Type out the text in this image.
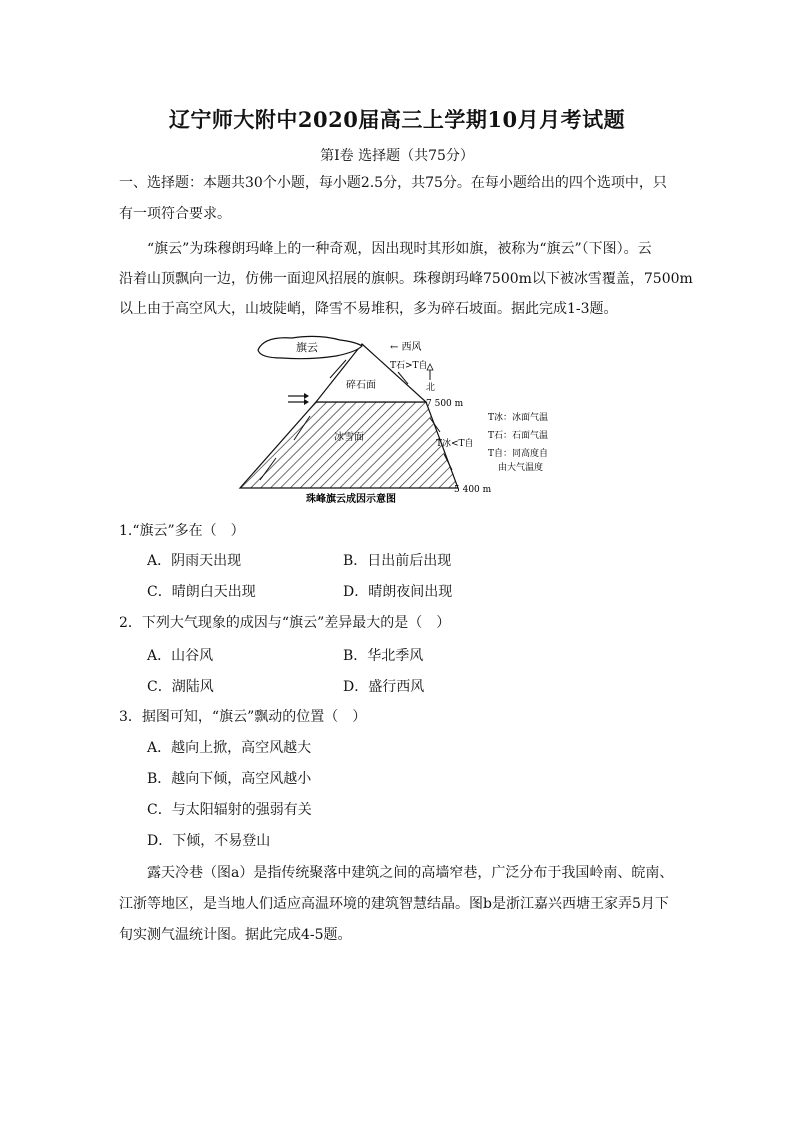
辽宁师大附中2020届高三上学期10月月考试题
第Ⅰ卷 选择题（共75分）
一、选择题：本题共30个小题，每小题2.5分，共75分。在每小题给出的四个选项中，只
有一项符合要求。
“旗云”为珠穆朗玛峰上的一种奇观，因出现时其形如旗，被称为“旗云”（下图）。云
沿着山顶飘向一边，仿佛一面迎风招展的旗帜。珠穆朗玛峰7500m以下被冰雪覆盖，7500m
以上由于高空风大，山坡陡峭，降雪不易堆积，多为碎石坡面。据此完成1-3题。
旗云	← 西风
T石>T自
北
碎石面
7 500 m
冰雪面
T冰<T自
5 400 m
珠峰旗云成因示意图
T冰：冰面气温
T石：石面气温
T自：同高度自
由大气温度
1.“旗云”多在（　）
A．阴雨天出现	B．日出前后出现
C．晴朗白天出现	D．晴朗夜间出现
2．下列大气现象的成因与“旗云”差异最大的是（　）
A．山谷风	B．华北季风
C．湖陆风	D．盛行西风
3．据图可知，“旗云”飘动的位置（　）
A．越向上掀，高空风越大
B．越向下倾，高空风越小
C．与太阳辐射的强弱有关
D．下倾，不易登山
露天冷巷（图a）是指传统聚落中建筑之间的高墙窄巷，广泛分布于我国岭南、皖南、
江浙等地区，是当地人们适应高温环境的建筑智慧结晶。图b是浙江嘉兴西塘王家弄5月下
旬实测气温统计图。据此完成4-5题。
